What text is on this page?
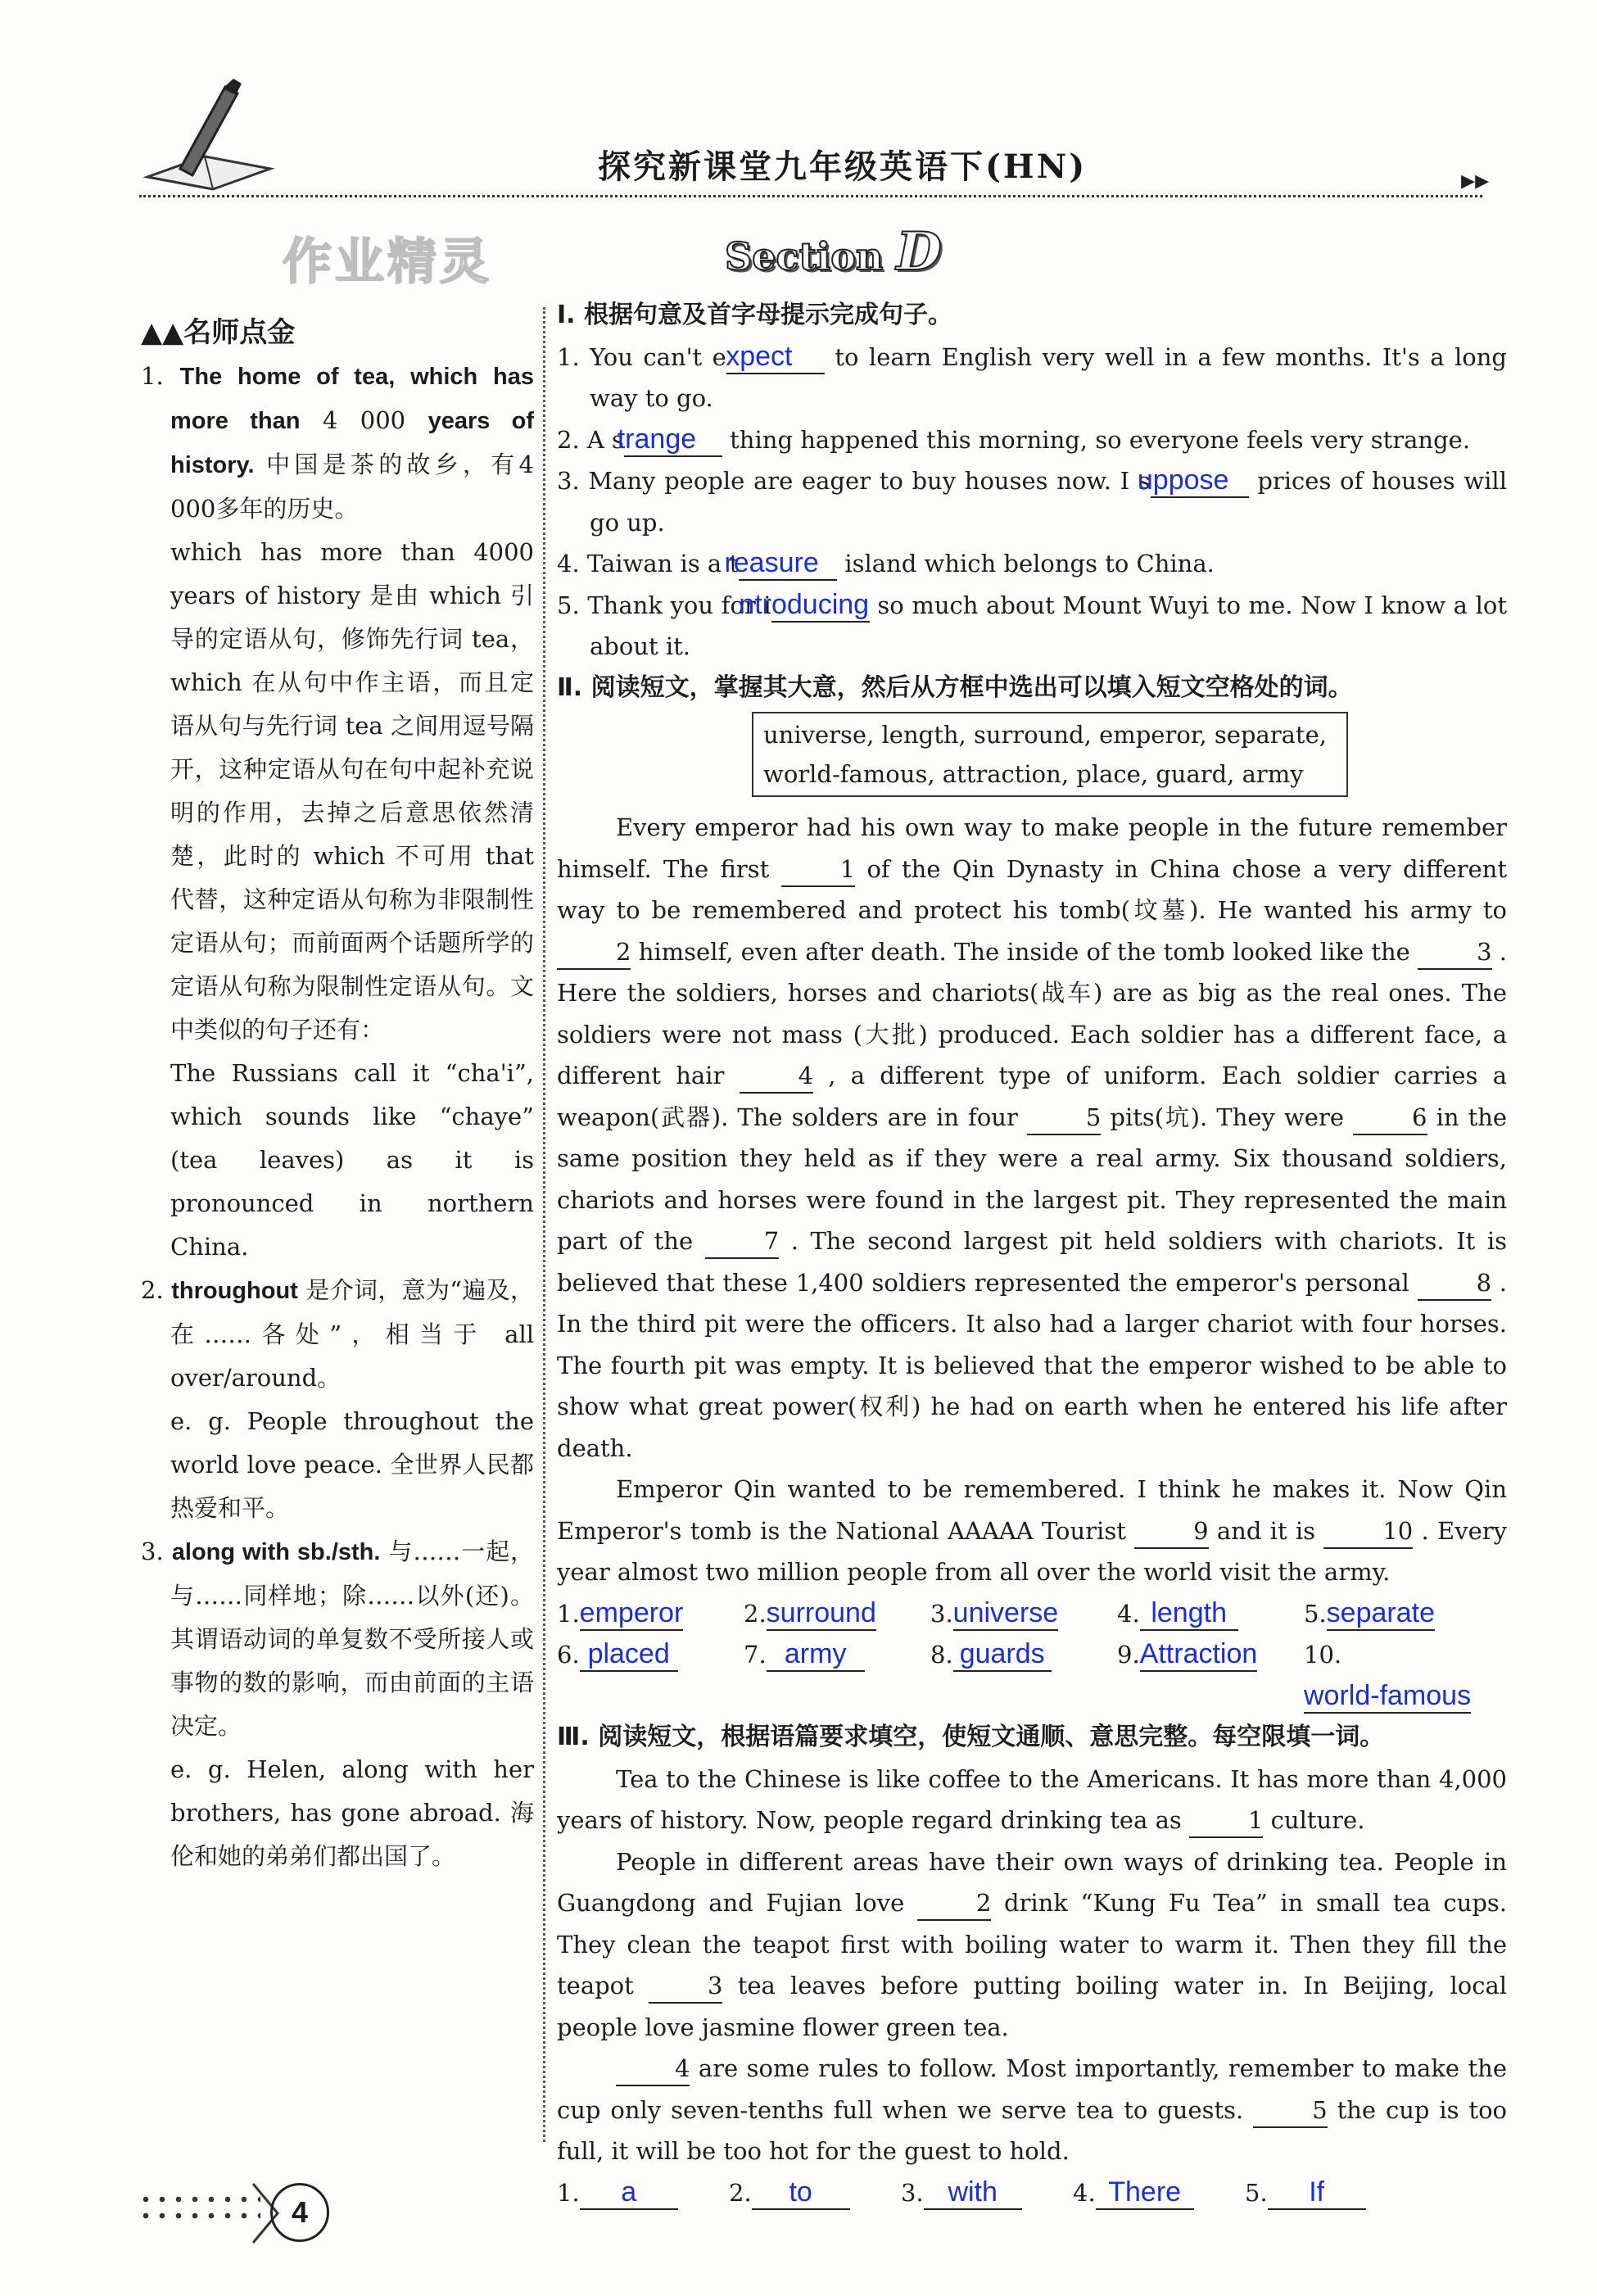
探究新课堂九年级英语下(HN)	▸▸
作业精灵	Section D

▲▲名师点金

1. The home of tea, which has more than 4 000 years of history. 中国是茶的故乡，有4 000多年的历史。

which has more than 4000 years of history 是由 which 引导的定语从句，修饰先行词 tea，which 在从句中作主语，而且定语从句与先行词 tea 之间用逗号隔开，这种定语从句在句中起补充说明的作用，去掉之后意思依然清楚，此时的 which 不可用 that 代替，这种定语从句称为非限制性定语从句；而前面两个话题所学的定语从句称为限制性定语从句。文中类似的句子还有：

The Russians call it “cha'i”, which sounds like “chaye” (tea leaves) as it is pronounced in northern China.

2. throughout 是介词，意为“遍及，在……各处”，相当于 all over/around。

e. g. People throughout the world love peace. 全世界人民都热爱和平。

3. along with sb./sth. 与……一起，与……同样地；除……以外(还)。其谓语动词的单复数不受所接人或事物的数的影响，而由前面的主语决定。

e. g. Helen, along with her brothers, has gone abroad. 海伦和她的弟弟们都出国了。

Ⅰ. 根据句意及首字母提示完成句子。

1. You can't expect to learn English very well in a few months. It's a long way to go.

2. A strange thing happened this morning, so everyone feels very strange.

3. Many people are eager to buy houses now. I suppose prices of houses will go up.

4. Taiwan is a treasure island which belongs to China.

5. Thank you for introducing so much about Mount Wuyi to me. Now I know a lot about it.

Ⅱ. 阅读短文，掌握其大意，然后从方框中选出可以填入短文空格处的词。

universe, length, surround, emperor, separate,
world-famous, attraction, place, guard, army

Every emperor had his own way to make people in the future remember himself. The first	1 of the Qin Dynasty in China chose a very different way to be remembered and protect his tomb(坟墓). He wanted his army to 2 himself, even after death. The inside of the tomb looked like the	3 . Here the soldiers, horses and chariots(战车) are as big as the real ones. The soldiers were not mass (大批) produced. Each soldier has a different face, a different hair	4 , a different type of uniform. Each soldier carries a weapon(武器). The solders are in four	5 pits(坑). They were	6 in the same position they held as if they were a real army. Six thousand soldiers, chariots and horses were found in the largest pit. They represented the main part of the	7 . The second largest pit held soldiers with chariots. It is believed that these 1,400 soldiers represented the emperor's personal	8 . In the third pit were the officers. It also had a larger chariot with four horses. The fourth pit was empty. It is believed that the emperor wished to be able to show what great power(权利) he had on earth when he entered his life after death.

Emperor Qin wanted to be remembered. I think he makes it. Now Qin Emperor's tomb is the National AAAAA Tourist	9 and it is	10 . Every year almost two million people from all over the world visit the army.

1.emperor	2.surround	3.universe	4.length	5.separate
6.placed	7.army	8.guards	9.Attraction	10.world-famous

Ⅲ. 阅读短文，根据语篇要求填空，使短文通顺、意思完整。每空限填一词。

Tea to the Chinese is like coffee to the Americans. It has more than 4,000 years of history. Now, people regard drinking tea as	1 culture.

People in different areas have their own ways of drinking tea. People in Guangdong and Fujian love	2 drink “Kung Fu Tea” in small tea cups. They clean the teapot first with boiling water to warm it. Then they fill the teapot	3 tea leaves before putting boiling water in. In Beijing, local people love jasmine flower green tea.

4 are some rules to follow. Most importantly, remember to make the cup only seven-tenths full when we serve tea to guests.	5 the cup is too full, it will be too hot for the guest to hold.

1.a	2.to	3.with	4.There	5.If
4
